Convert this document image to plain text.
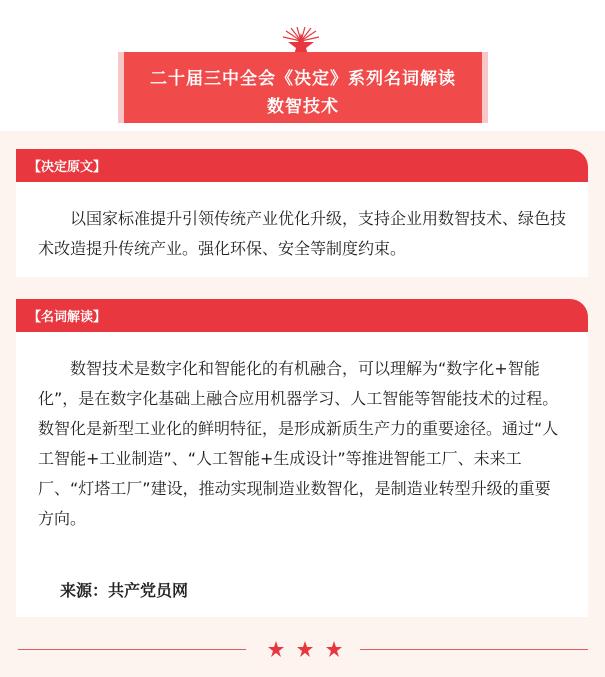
二十届三中全会《决定》系列名词解读
数智技术
【决定原文】

以国家标准提升引领传统产业优化升级，支持企业用数智技术、绿色技术改造提升传统产业。强化环保、安全等制度约束。

【名词解读】

数智技术是数字化和智能化的有机融合，可以理解为“数字化+智能化”，是在数字化基础上融合应用机器学习、人工智能等智能技术的过程。数智化是新型工业化的鲜明特征，是形成新质生产力的重要途径。通过“人工智能+工业制造”、“人工智能+生成设计”等推进智能工厂、未来工厂、“灯塔工厂”建设，推动实现制造业数智化，是制造业转型升级的重要方向。

来源：共产党员网
